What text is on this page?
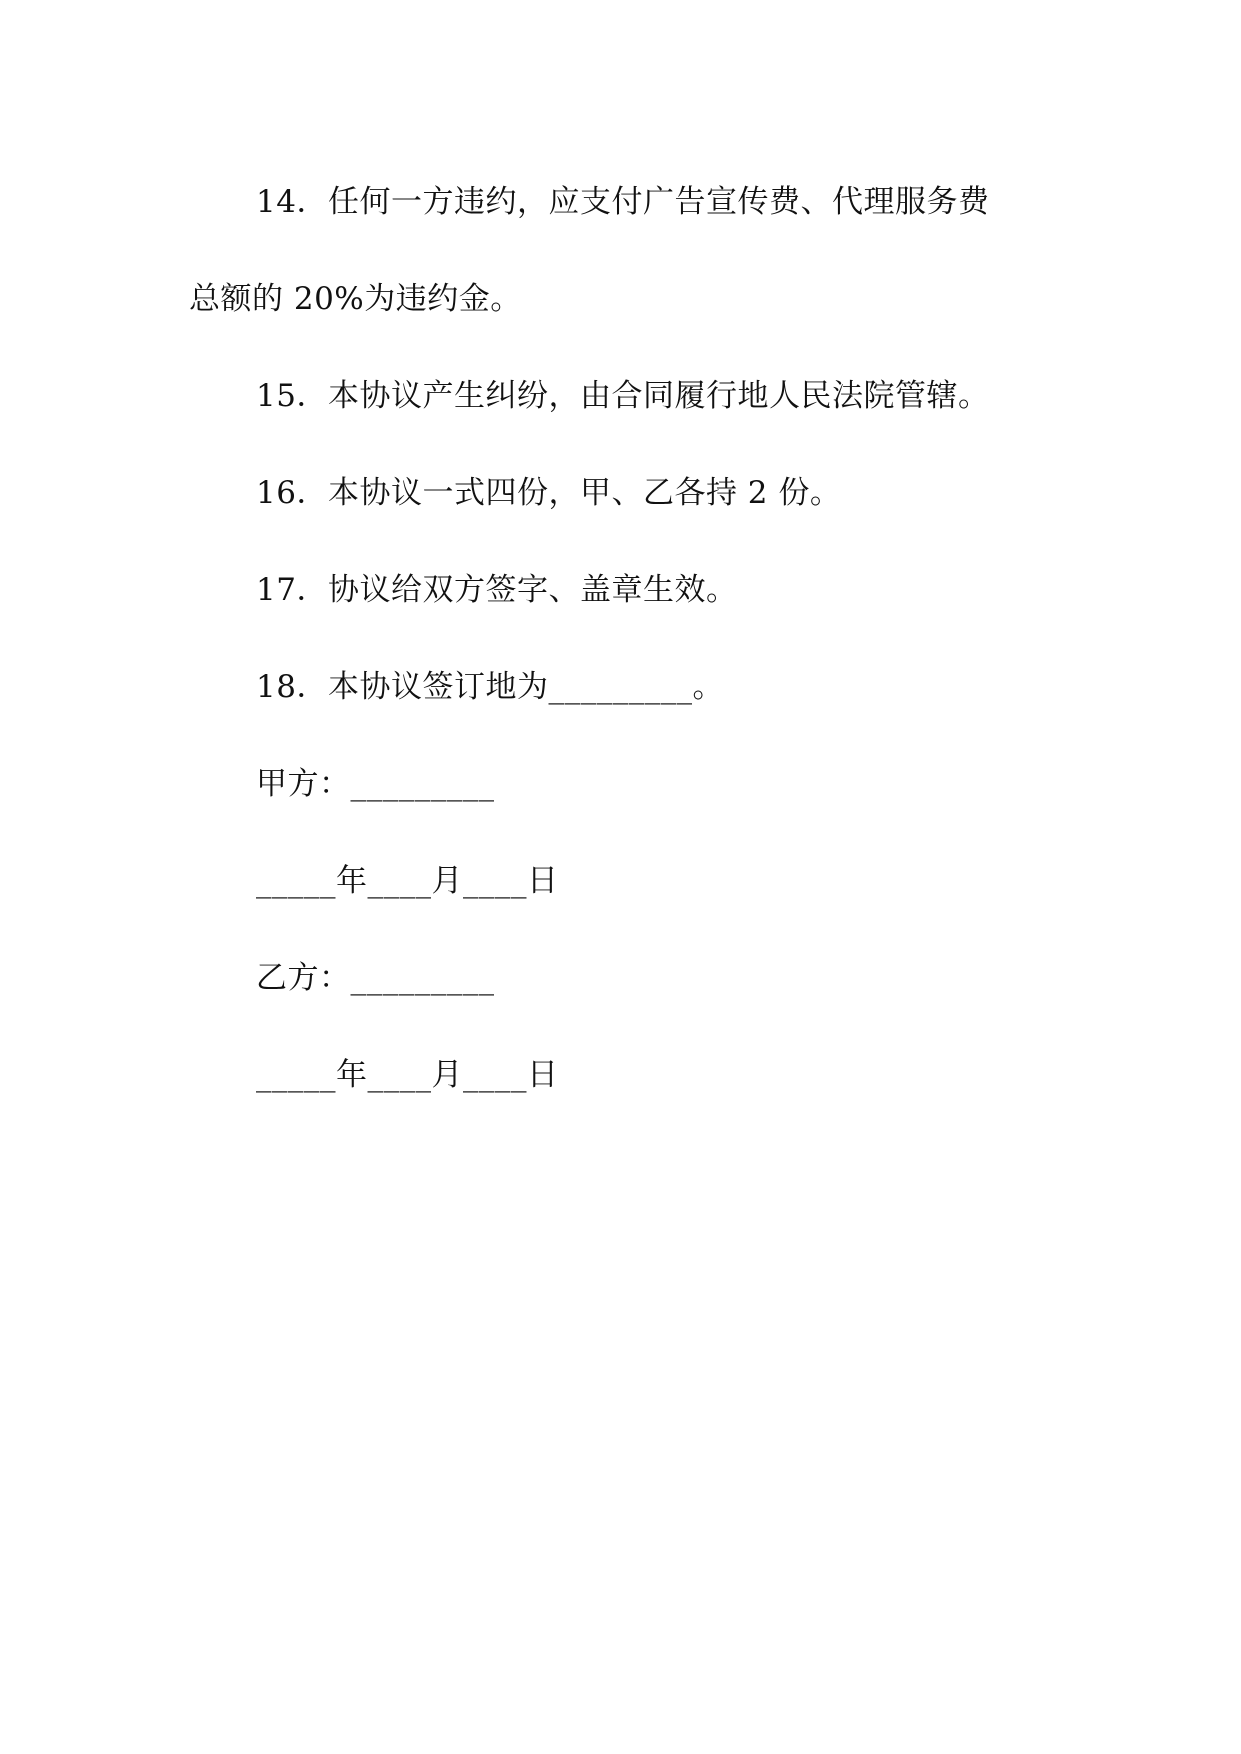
14．任何一方违约，应支付广告宣传费、代理服务费
总额的 20%为违约金。
15．本协议产生纠纷，由合同履行地人民法院管辖。
16．本协议一式四份，甲、乙各持 2 份。
17．协议给双方签字、盖章生效。
18．本协议签订地为_________。
甲方：_________
_____年____月____日
乙方：_________
_____年____月____日
